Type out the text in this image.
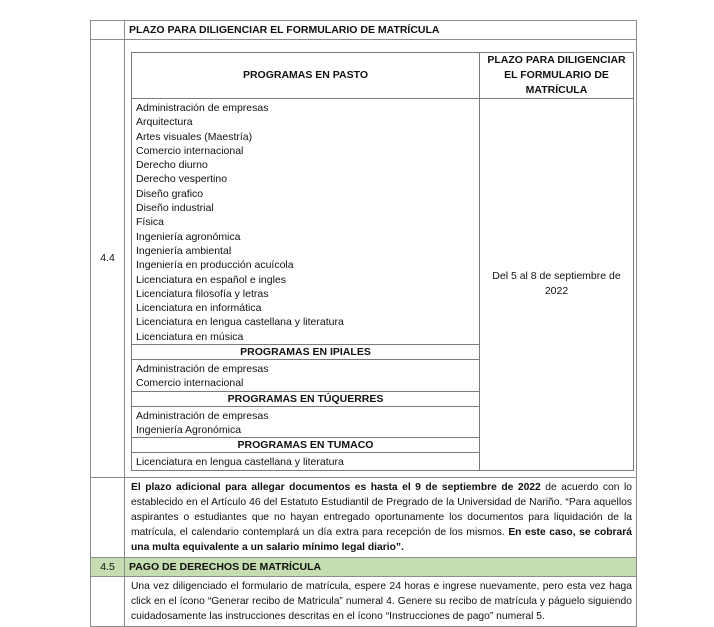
	PLAZO PARA DILIGENCIAR EL FORMULARIO DE MATRÍCULA
4.4	
PROGRAMAS EN PASTO	PLAZO PARA DILIGENCIAR EL FORMULARIO DE MATRÍCULA

Administración de empresas
Arquitectura
Artes visuales (Maestría)
Comercio internacional
Derecho diurno
Derecho vespertino
Diseño grafico
Diseño industrial
Física
Ingeniería agronómica
Ingeniería ambiental
Ingeniería en producción acuícola
Licenciatura en español e ingles
Licenciatura filosofía y letras
Licenciatura en informática
Licenciatura en lengua castellana y literatura
Licenciatura en música
	Del 5 al 8 de septiembre de 2022
PROGRAMAS EN IPIALES

Administración de empresas
Comercio internacional

PROGRAMAS EN TÚQUERRES

Administración de empresas
Ingeniería Agronómica

PROGRAMAS EN TUMACO

Licenciatura en lengua castellana y literatura

	El plazo adicional para allegar documentos es hasta el 9 de septiembre de 2022 de acuerdo con lo establecido en el Artículo 46 del Estatuto Estudiantil de Pregrado de la Universidad de Nariño. “Para aquellos aspirantes o estudiantes que no hayan entregado oportunamente los documentos para liquidación de la matrícula, el calendario contemplará un día extra para recepción de los mismos. En este caso, se cobrará una multa equivalente a un salario mínimo legal diario”.
4.5	PAGO DE DERECHOS DE MATRÍCULA
	Una vez diligenciado el formulario de matrícula, espere 24 horas e ingrese nuevamente, pero esta vez haga click en el ícono “Generar recibo de Matricula” numeral 4. Genere su recibo de matrícula y páguelo siguiendo cuidadosamente las instrucciones descritas en el ícono “Instrucciones de pago” numeral 5.
